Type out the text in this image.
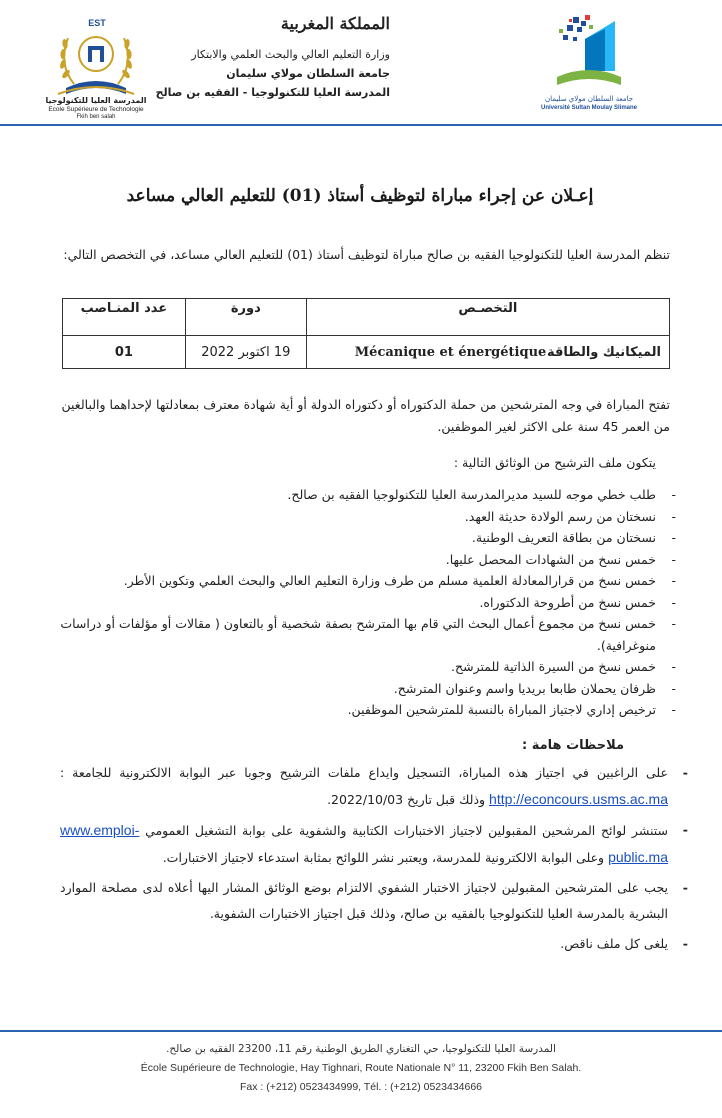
EST
المدرسة العليا للتكنولوجيا
Ecole Supérieure de Technologie
Fkih ben salah
المملكة المغربية
وزارة التعليم العالي والبحث العلمي والابتكار
جامعة السلطان مولاي سليمان
المدرسة العليا للتكنولوجيا - الفقيه بن صالح	جامعة السلطان مولاي سليمان
Université Sultan Moulay Slimane
إعـلان عن إجراء مباراة لتوظيف أستاذ (01) للتعليم العالي مساعد
تنظم المدرسة العليا للتكنولوجيا الفقيه بن صالح مباراة لتوظيف أستاذ (01) للتعليم العالي مساعد، في التخصص التالي:
التخصـص	دورة	عدد المنـاصب

الميكانيك والطاقة
Mécanique et énergétique	19 اكتوبر 2022	01
تفتح المباراة في وجه المترشحين من حملة الدكتوراه أو دكتوراه الدولة أو أية شهادة معترف بمعادلتها لإحداهما والبالغين من العمر 45 سنة على الاكثر لغير الموظفين.
يتكون ملف الترشيح من الوثائق التالية :
- طلب خطي موجه للسيد مديرالمدرسة العليا للتكنولوجيا الفقيه بن صالح.
- نسختان من رسم الولادة حديثة العهد.
- نسختان من بطاقة التعريف الوطنية.
- خمس نسخ من الشهادات المحصل عليها.
- خمس نسخ من قرارالمعادلة العلمية مسلم من طرف وزارة التعليم العالي والبحث العلمي وتكوين الأطر.
- خمس نسخ من أطروحة الدكتوراه.
- خمس نسخ من مجموع أعمال البحث التي قام بها المترشح بصفة شخصية أو بالتعاون ( مقالات أو مؤلفات أو دراسات منوغرافية).
- خمس نسخ من السيرة الذاتية للمترشح.
- ظرفان يحملان طابعا بريديا واسم وعنوان المترشح.
- ترخيص إداري لاجتياز المباراة بالنسبة للمترشحين الموظفين.
ملاحظات هامة :
- على الراغبين في اجتياز هذه المباراة، التسجيل وايداع ملفات الترشيح وجوبا عبر البوابة الالكترونية للجامعة : http://econcours.usms.ac.ma وذلك قبل تاريخ 2022/10/03.
- ستنشر لوائح المرشحين المقبولين لاجتياز الاختبارات الكتابية والشفوية على بوابة التشغيل العمومي www.emploi-public.ma وعلى البوابة الالكترونية للمدرسة، ويعتبر نشر اللوائح بمثابة استدعاء لاجتياز الاختبارات.
- يجب على المترشحين المقبولين لاجتياز الاختبار الشفوي الالتزام بوضع الوثائق المشار اليها أعلاه لدى مصلحة الموارد البشرية بالمدرسة العليا للتكنولوجيا بالفقيه بن صالح، وذلك قبل اجتياز الاختبارات الشفوية.
- يلغى كل ملف ناقص.
المدرسة العليا للتكنولوجيا، حي التغناري الطريق الوطنية رقم 11، 23200 الفقيه بن صالح.
École Supérieure de Technologie, Hay Tighnari, Route Nationale N° 11, 23200 Fkih Ben Salah.
Fax : (+212) 0523434999, Tél. : (+212) 0523434666
